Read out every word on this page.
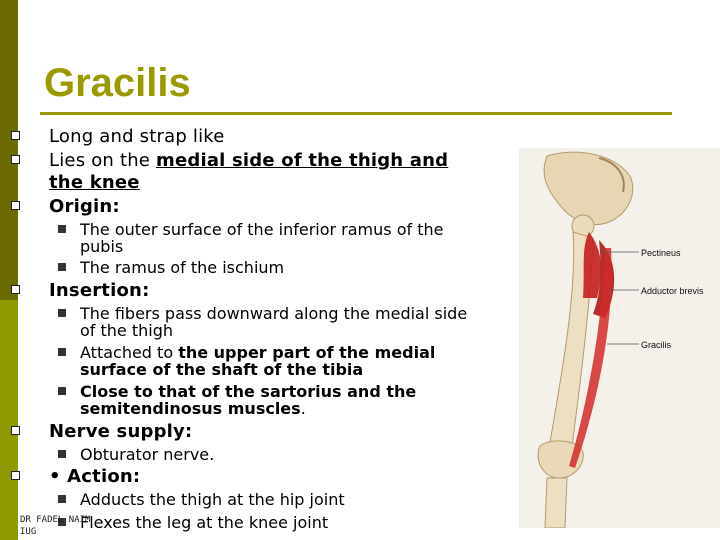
Gracilis
Long and strap like
Lies on the medial side of the thigh and
the knee
Origin:
The outer surface of the inferior ramus of the
pubis
The ramus of the ischium
Insertion:
The fibers pass downward along the medial side
of the thigh
Attached to the upper part of the medial
surface of the shaft of the tibia
Close to that of the sartorius and the
semitendinosus muscles.
Nerve supply:
Obturator nerve.
• Action:
Adducts the thigh at the hip joint
Flexes the leg at the knee joint
Pectineus
Adductor brevis
Gracilis
DR FADEL NAIM
IUG
